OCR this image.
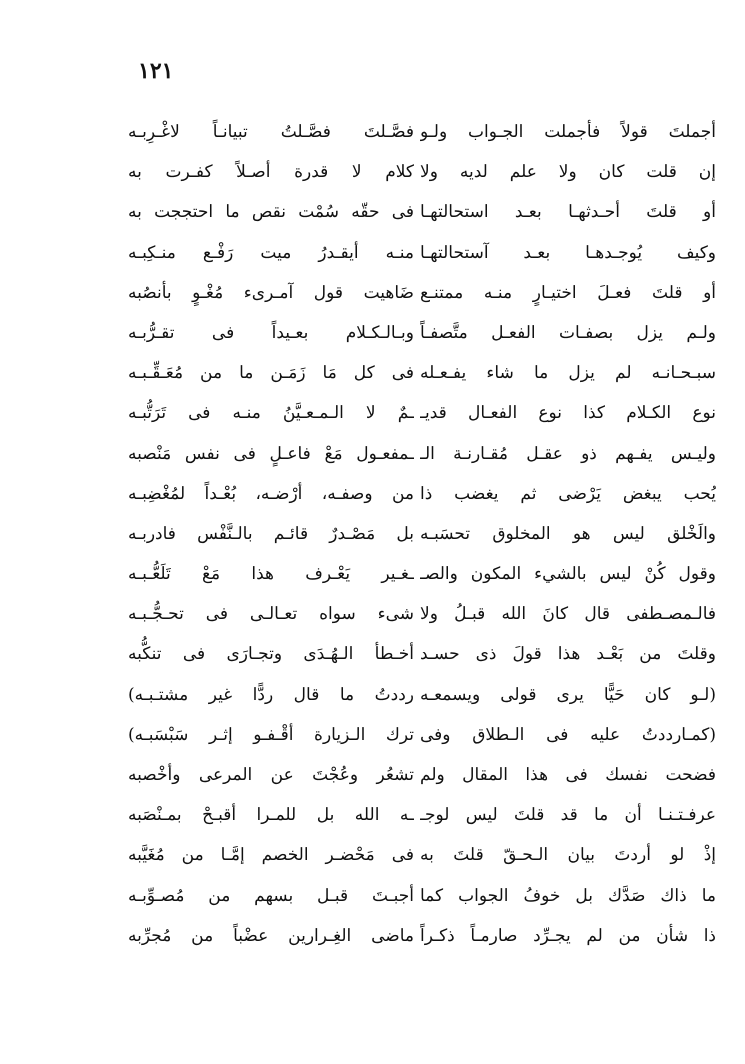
١٢١
أجملتَ قولاً فأجملت الجـواب ولـو
إن قلت كان ولا علم لديه ولا
أو قلتَ أحـدثهـا بعـد استحالتهـا
وكيف يُوجـدهـا بعـد آستحالتهـا
أو قلتَ فعـلَ اختيـارٍ منـه ممتنـع
ولـم يزل بصفـات الفعـل متَّصفـاً
سبـحـانـه لم يزل ما شاء يفـعـله
نوع الكـلام كذا نوع الفعـال قديـ
وليـس يفـهم ذو عقـل مُقـارنـة الـ
يُحب يبغض يَرْضى ثم يغضب ذا
والَخْلق ليس هو المخلوق تحسَبـه
وقول كُنْ ليس بالشيء المكون والصـ
فالـمصـطفى قال كانَ الله قبـلُ ولا
وقلتَ من بَعْـد هذا قولَ ذى حسـد
(لـو كان حَيًّا يرى قولى ويسمعـه
(كمـارددتُ عليه فى الـطلاق وفى
فضحت نفسك فى هذا المقال ولم
عرفـتـنـا أن ما قد قلتَ ليس لوجـ
إذْ لو أردتَ بيان الـحـقّ قلتَ به
ما ذاك صَدَّك بل خوفُ الجواب كما
ذا شأن من لم يجـرِّد صارمـاً ذكـراً
فصَّـلتَ فصَّـلتُ تبيانـاً لاغْـرِبـه
كلام لا قدرة أصـلاً كفـرت به
فى حقّه سُمْت نقص ما احتججت به
منـه أيقـدرُ ميت رَفْـع منـكِبـه
ضَاهيت قول آمـرىء مُغْـوٍ بأنصُبه
وبـالـكـلام بعـيداً فى تقـرُّبـه
فى كل مَا زَمَـن ما من مُعَـقِّـبـه
ـمٌ لا الـمـعـيَّنُ منـه فى تَرَتُّبـه
ـمفعـول مَعْ فاعـلٍ فى نفس مَنْصبه
من وصفـه، أرْضـه، بُعْـداً لمُغْضِبـه
بل مَصْـدرٌ قائـم بالـنَّفْس فادربـه
ـغـير يَعْـرف هذا مَعْ تَلَعُّـبـه
شىء سواه تعـالـى فى تحـجُّـبـه
أخـطأ الـهُـدَى وتجـارَى فى تنكُّبه
رددتُ ما قال ردًّا غير مشتـبـه)
ترك الـزيارة أقْـفـو إثـر سَبْسَبـه)
تشعُر وعُجْتَ عن المرعى وأخْصبه
ـه الله بل للمـرا أقبـحْ بمـنْصَبه
فى مَحْضـر الخصم إمَّـا من مُغَيَّبه
أجبـتَ قبـل بسهم من مُصـوِّبـه
ماضى الغِـرارين عضْباً من مُجرِّبه
